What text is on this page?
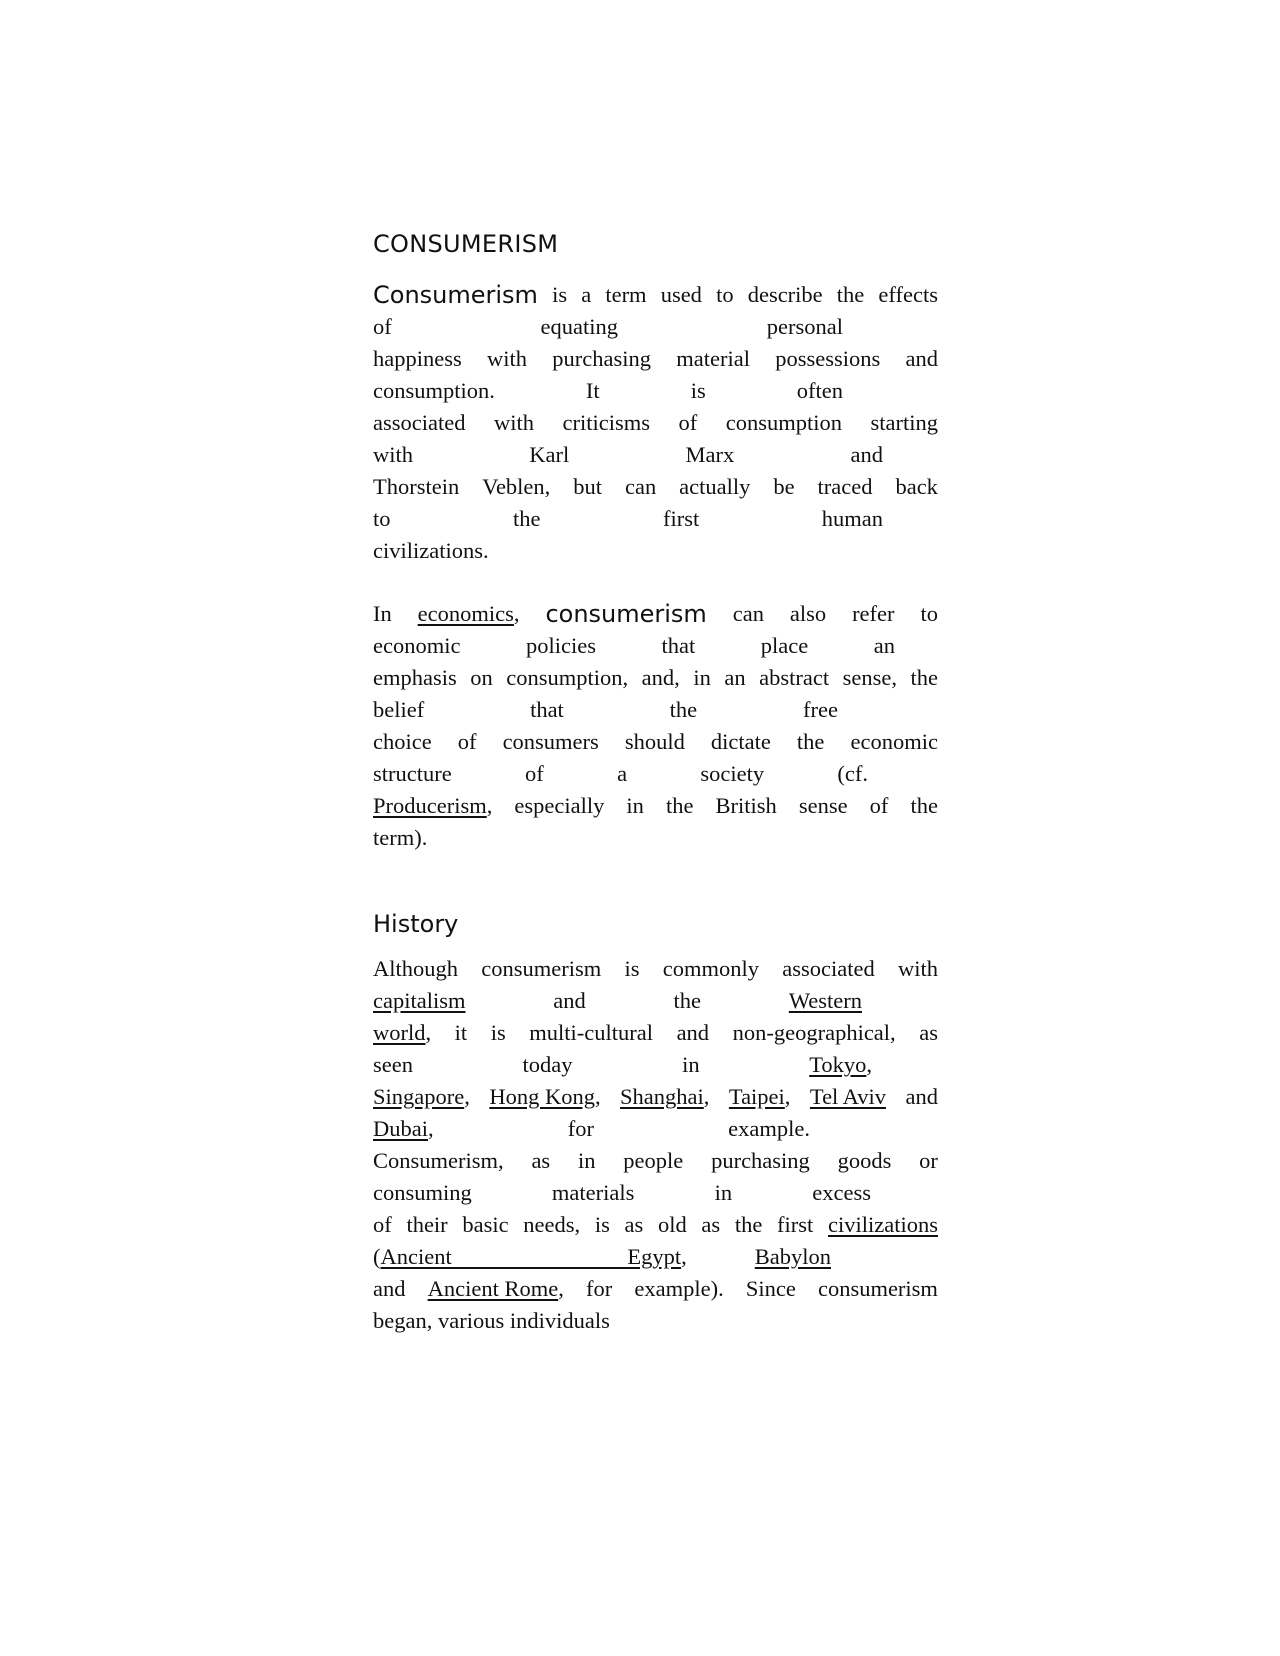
CONSUMERISM
Consumerism is a term used to describe the effects
of	equating	personal
happiness with purchasing material possessions and
consumption.	It	is	often
associated with criticisms of consumption starting
with	Karl	Marx	and
Thorstein Veblen, but can actually be traced back
to	the	first	human
civilizations.
In economics, consumerism can also refer to
economic	policies	that	place	an
emphasis on consumption, and, in an abstract sense, the
belief	that	the	free
choice of consumers should dictate the economic
structure	of	a	society	(cf.
Producerism, especially in the British sense of the
term).
History
Although consumerism is commonly associated with
capitalism	and	the	Western
world, it is multi-cultural and non-geographical, as
seen	today	in	Tokyo,
Singapore, Hong Kong, Shanghai, Taipei, Tel Aviv and
Dubai,	for	example.
Consumerism, as in people purchasing goods or
consuming	materials	in	excess
of their basic needs, is as old as the first civilizations
(Ancient Egypt,	Babylon
and Ancient Rome, for example). Since consumerism
began, various individuals
